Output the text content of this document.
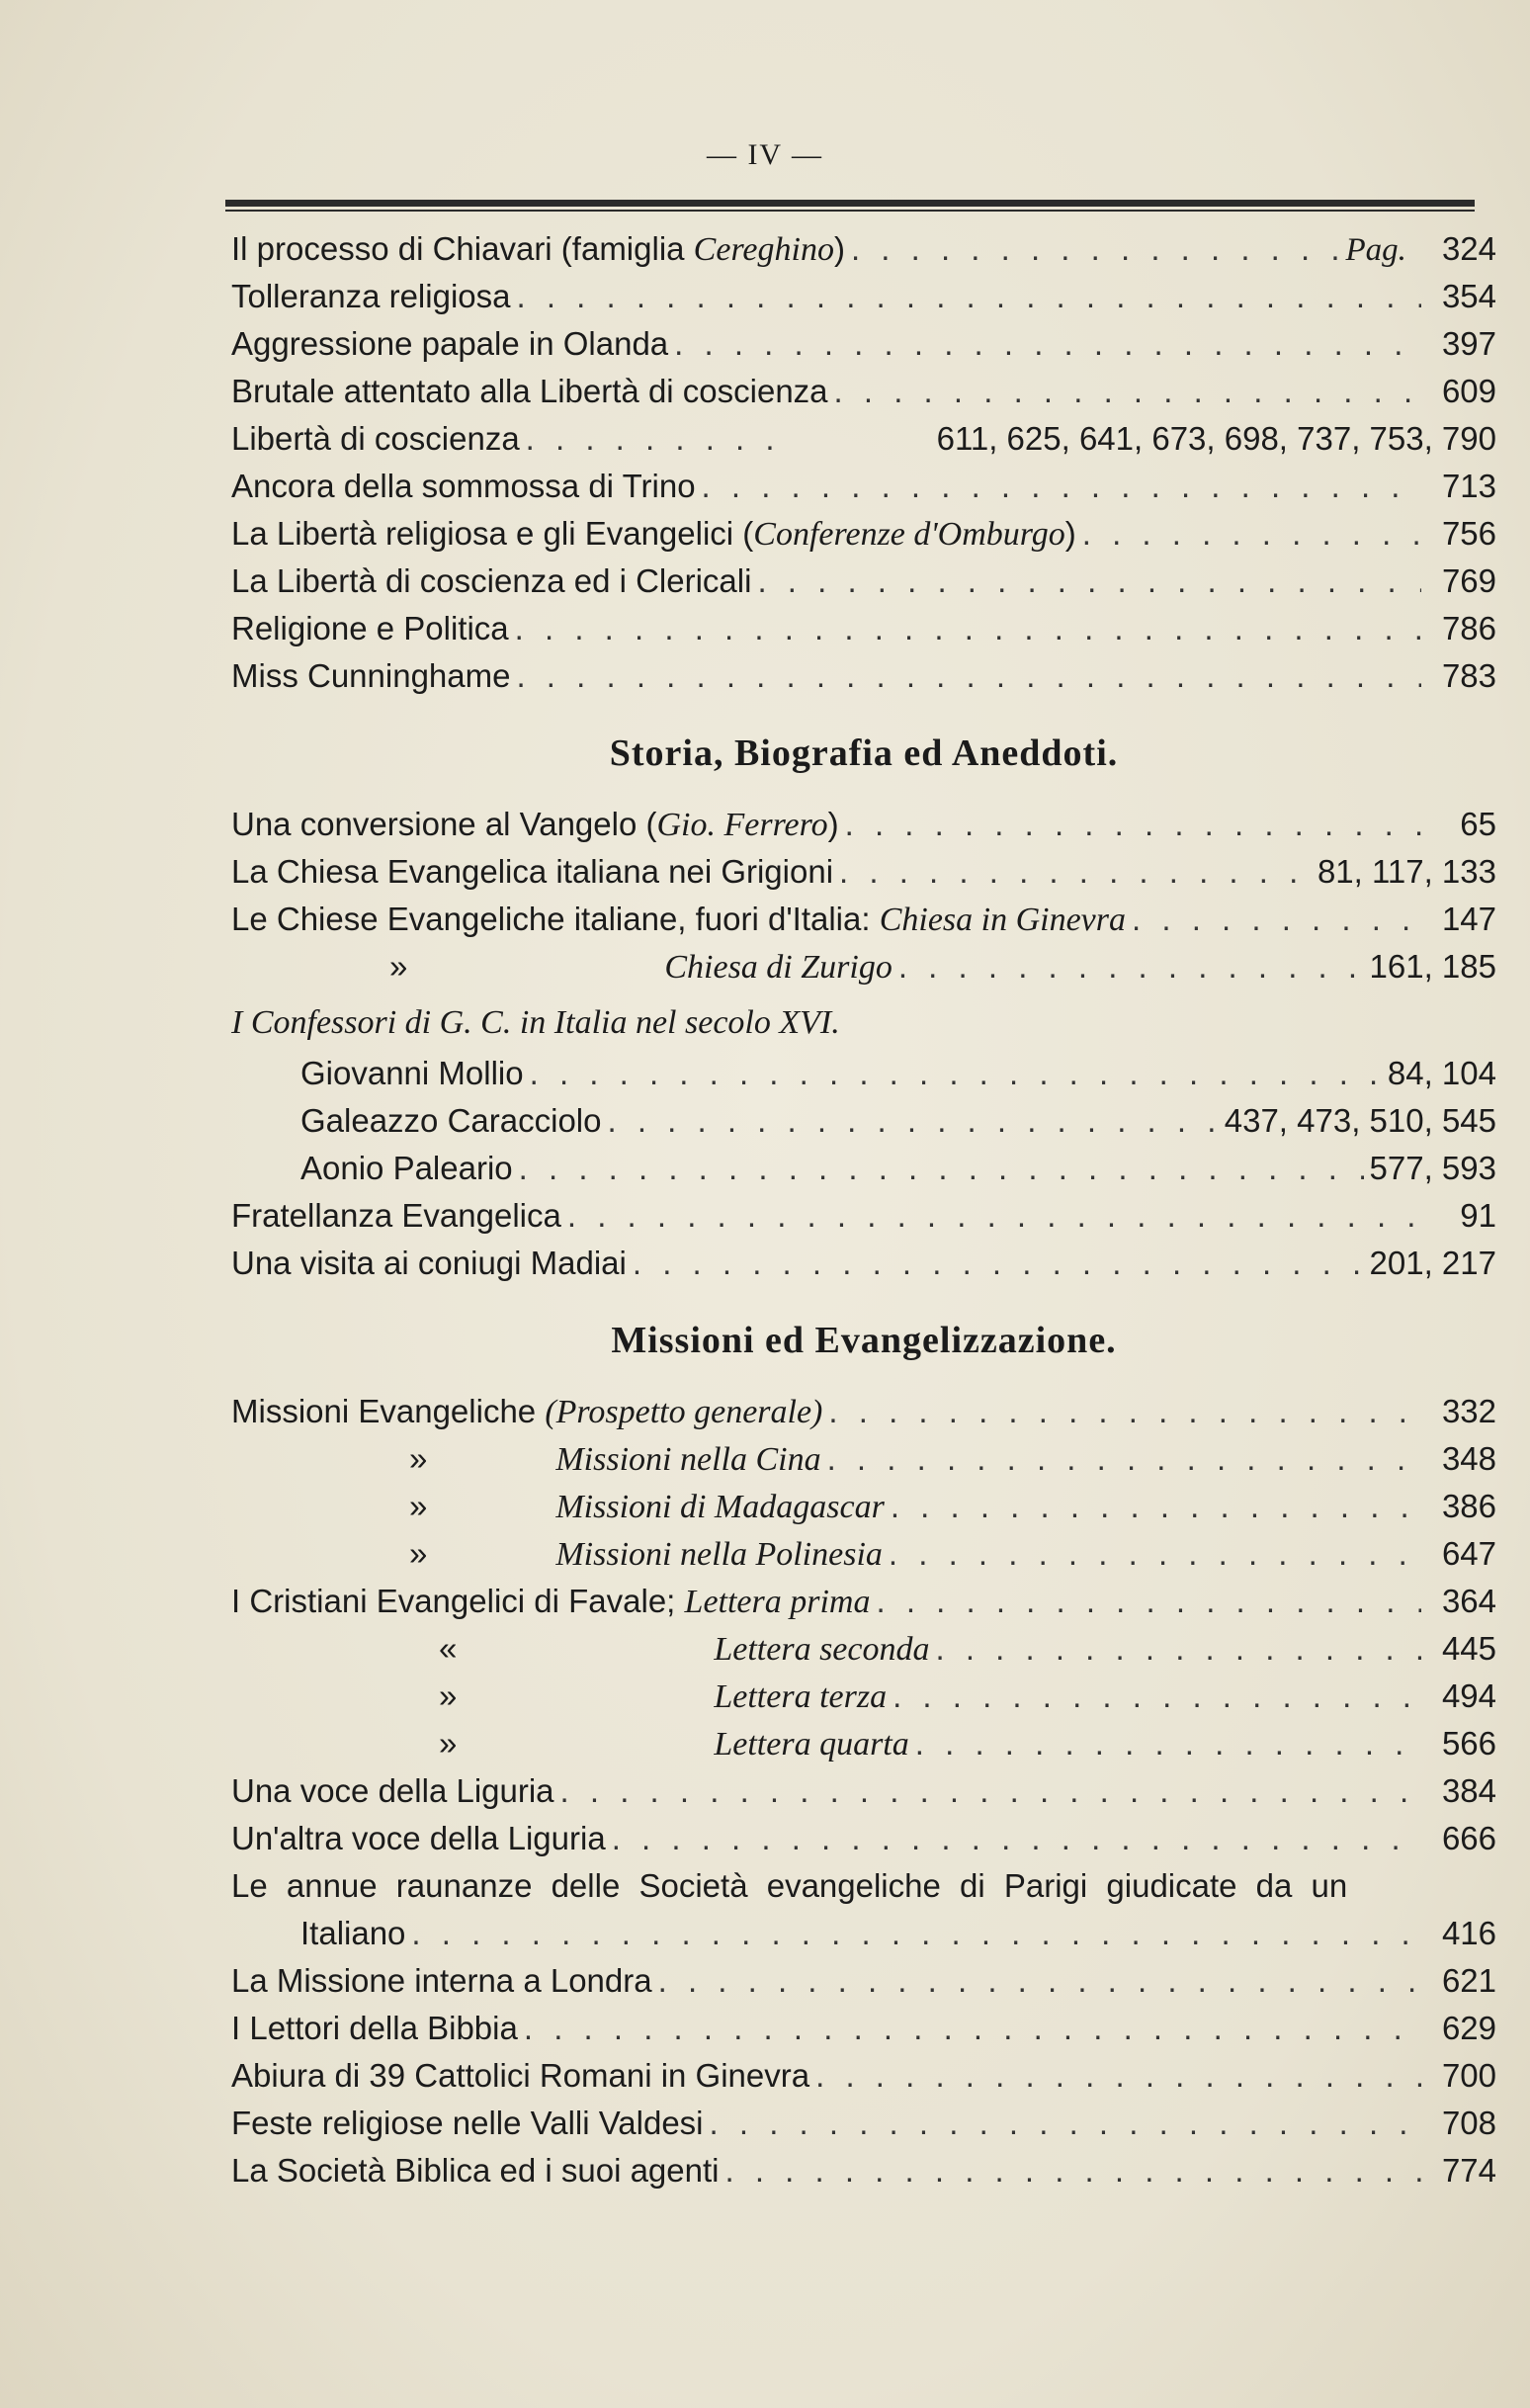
— IV —
Il processo di Chiavari (famiglia Cereghino) . . .	Pag. 324
Tolleranza religiosa . . .	354
Aggressione papale in Olanda . . .	397
Brutale attentato alla Libertà di coscienza . . .	609
Libertà di coscienza . . .	611, 625, 641, 673, 698, 737, 753, 790
Ancora della sommossa di Trino . . .	713
La Libertà religiosa e gli Evangelici (Conferenze d'Omburgo) . . .	756
La Libertà di coscienza ed i Clericali . . .	769
Religione e Politica . . .	786
Miss Cunninghame . . .	783
Storia, Biografia ed Aneddoti.
Una conversione al Vangelo (Gio. Ferrero) . . .	65
La Chiesa Evangelica italiana nei Grigioni . . .	81, 117, 133
Le Chiese Evangeliche italiane, fuori d'Italia: Chiesa in Ginevra . . .	147
»	Chiesa di Zurigo . . .	161, 185
I Confessori di G. C. in Italia nel secolo XVI.
Giovanni Mollio . . .	84, 104
Galeazzo Caracciolo . . .	437, 473, 510, 545
Aonio Paleario . . .	577, 593
Fratellanza Evangelica . . .	91
Una visita ai coniugi Madiai . . .	201, 217
Missioni ed Evangelizzazione.
Missioni Evangeliche (Prospetto generale) . . .	332
»	Missioni nella Cina . . .	348
»	Missioni di Madagascar . . .	386
»	Missioni nella Polinesia . . .	647
I Cristiani Evangelici di Favale; Lettera prima . . .	364
«	Lettera seconda . . .	445
»	Lettera terza . . .	494
»	Lettera quarta . . .	566
Una voce della Liguria . . .	384
Un'altra voce della Liguria . . .	666
Le annue raunanze delle Società evangeliche di Parigi giudicate da un
Italiano . . .	416
La Missione interna a Londra . . .	621
I Lettori della Bibbia . . .	629
Abiura di 39 Cattolici Romani in Ginevra . . .	700
Feste religiose nelle Valli Valdesi . . .	708
La Società Biblica ed i suoi agenti . . .	774
